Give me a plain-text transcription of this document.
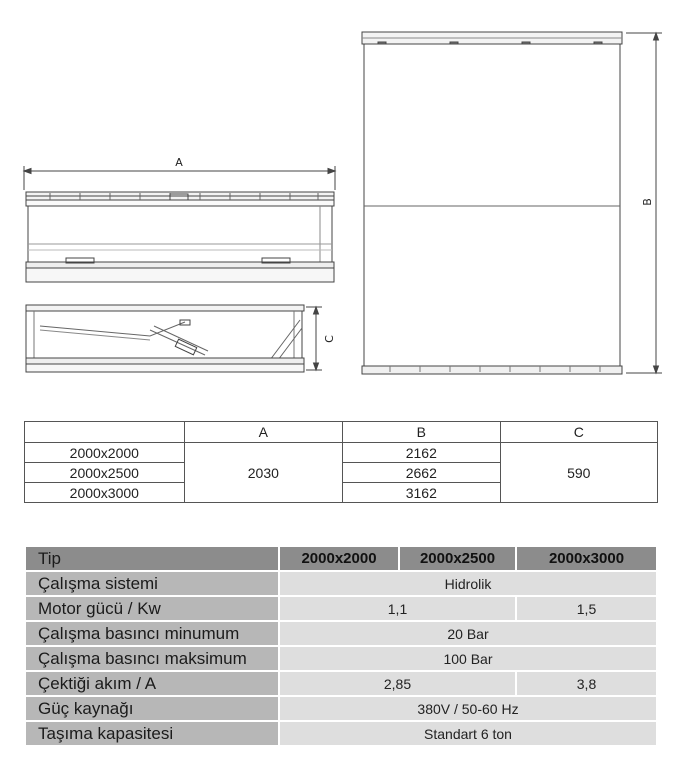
A
C
B
	A	B	C
2000x2000	2030	2162	590
2000x2500		2662	
2000x3000		3162	
Tip	2000x2000	2000x2500	2000x3000
Çalışma sistemi	Hidrolik		
Motor gücü / Kw	1,1		1,5
Çalışma basıncı minumum	20 Bar		
Çalışma basıncı maksimum	100 Bar		
Çektiği akım / A	2,85		3,8
Güç kaynağı	380V / 50-60 Hz		
Taşıma kapasitesi	Standart 6 ton		
